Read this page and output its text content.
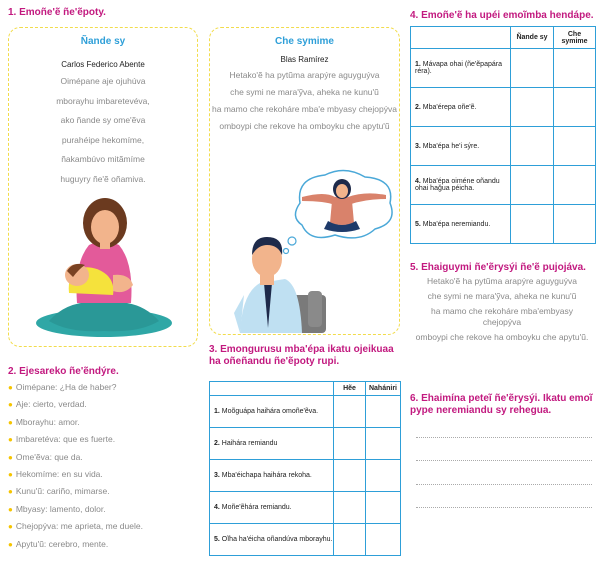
1. Emoñe'ẽ ñe'ẽpoty.
Ñande sy
Carlos Federico Abente
Oimépane aje ojuhúva
mborayhu imbaretevéva,
ako ñande sy ome'ẽva
purahéipe hekomíme,
ñakambúvo mitãmíme
huguyry ñe'ẽ oñamiva.
Che symime
Blas Ramírez
Hetako'ẽ ha pytũma arapýre aguyguýva
che symi ne mara'ỹva, aheka ne kunu'ũ
ha mamo che rekoháre mba'e mbyasy chejopýva
omboypi che rekove ha omboyku che apytu'ũ
2. Ejesareko ñe'ẽndýre.
● Oimépane: ¿Ha de haber?
● Aje: cierto, verdad.
● Mborayhu: amor.
● Imbaretéva: que es fuerte.
● Ome'ẽva: que da.
● Hekomíme: en su vida.
● Kunu'ũ: cariño, mimarse.
● Mbyasy: lamento, dolor.
● Chejopýva: me aprieta, me duele.
● Apytu'ũ: cerebro, mente.
3. Emongurusu mba'épa ikatu ojeikuaa ha oñeñandu ñe'ẽpoty rupi.
	Hẽe	Nahániri
1. Moõguápa haihára omoñe'ẽva.		
2. Haihára remiandu		
3. Mba'éichapa haihára rekoha.		
4. Moñe'ẽhára remiandu.		
5. Oĩha ha'éicha oñandúva mborayhu.		
4. Emoñe'ẽ ha upéi emoĩmba hendápe.
	Ñande sy	Che symime
1. Mávapa ohai (ñe'ẽpapára réra).		
2. Mba'érepa oñe'ẽ.		
3. Mba'épa he'i sýre.		
4. Mba'épa oiméne oñandu ohai hağua péicha.		
5. Mba'épa neremiandu.		
5. Ehaiguymi ñe'ẽrysýi ñe'ẽ pujojáva.
Hetako'ẽ ha pytũma arapýre aguyguýva
che symi ne mara'ỹva, aheka ne kunu'ũ
ha mamo che rekoháre mba'embyasy chejopýva
omboypi che rekove ha omboyku che apytu'ũ.
6. Ehaimína peteĩ ñe'ẽrysýi. Ikatu emoĩ pype neremiandu sy rehegua.
